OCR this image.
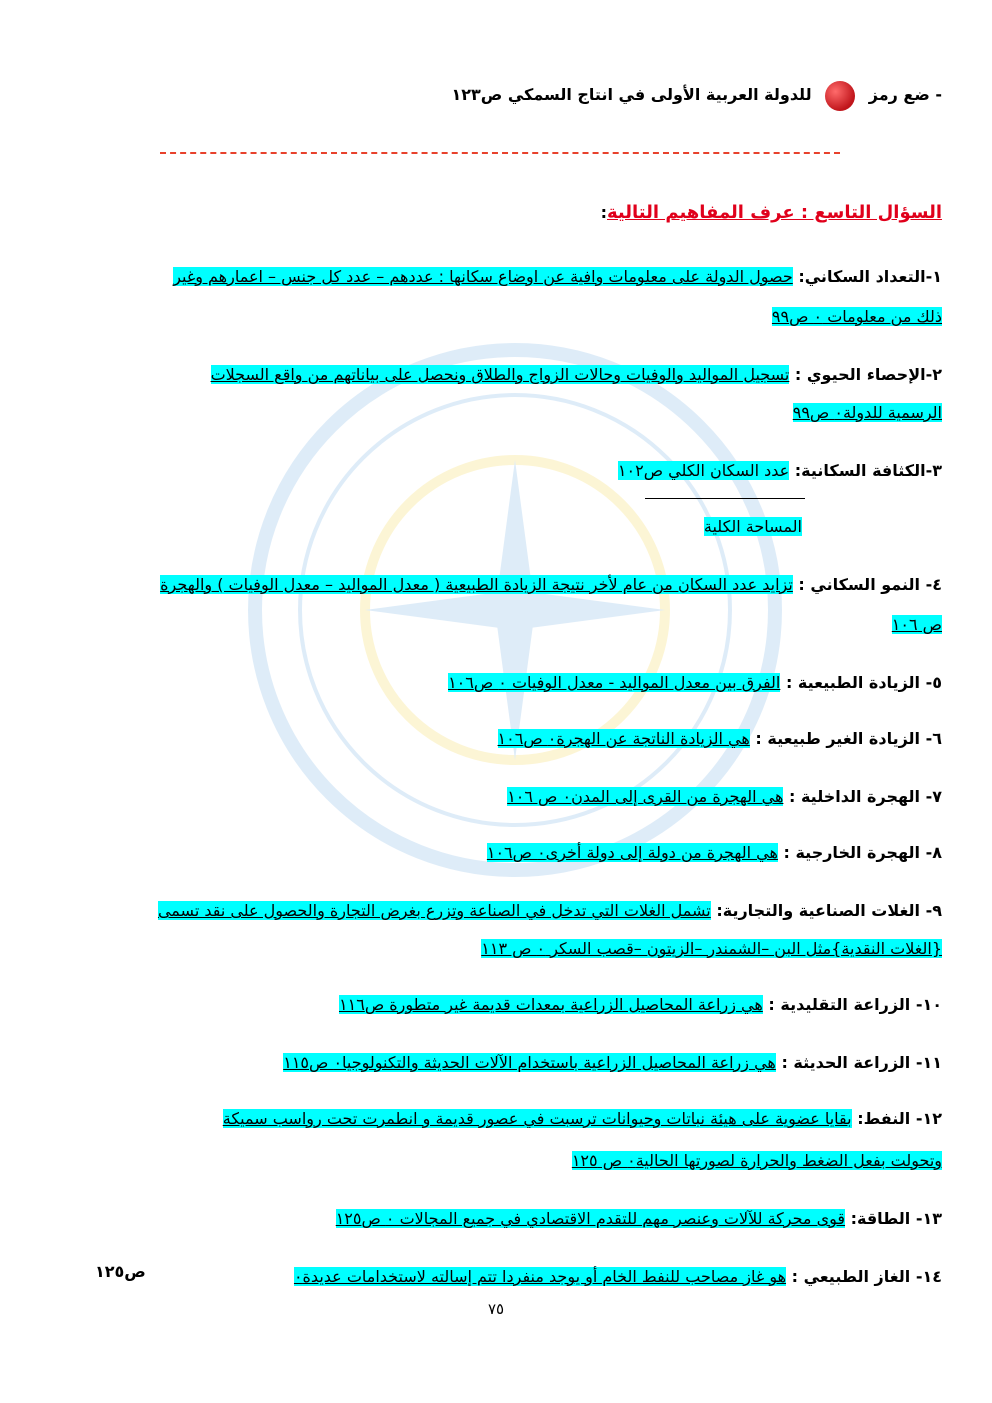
- ضع رمز  للدولة العربية الأولى في انتاج السمكي ص١٢٣
السؤال التاسع : عرف المفاهيم التالية:
١-التعداد السكاني: حصول الدولة على معلومات وافية عن اوضاع سكانها : عددهم – عدد كل جنس – اعمارهم وغير
ذلك من معلومات ٠ ص٩٩
٢-الإحصاء الحيوي : تسجيل المواليد والوفيات وحالات الزواج والطلاق ونحصل على بياناتهم من واقع السجلات
الرسمية للدولة٠ ص٩٩
٣-الكثافة السكانية: عدد السكان الكلي ص١٠٢
المساحة الكلية
٤- النمو السكاني : تزايد عدد السكان من عام لأخر نتيجة الزيادة الطبيعية ( معدل المواليد – معدل الوفيات ) والهجرة
ص ١٠٦
٥- الزيادة الطبيعية : الفرق بين معدل المواليد - معدل الوفيات ٠ ص١٠٦
٦- الزيادة الغير طبيعية : هي الزيادة الناتجة عن الهجرة٠ ص١٠٦
٧- الهجرة الداخلية : هي الهجرة من القرى إلى المدن٠ ص ١٠٦
٨- الهجرة الخارجية : هي الهجرة من دولة إلى دولة أخرى٠ ص١٠٦
٩- الغلات الصناعية والتجارية: تشمل الغلات التي تدخل في الصناعة وتزرع بغرض التجارة والحصول على نقد تسمى
{الغلات النقدية}مثل البن –الشمندر –الزيتون –قصب السكر ٠ ص ١١٣
١٠- الزراعة التقليدية : هي زراعة المحاصيل الزراعية بمعدات قديمة غير متطورة ص١١٦
١١- الزراعة الحديثة : هي زراعة المحاصيل الزراعية باستخدام الآلات الحديثة والتكنولوجيا٠ ص١١٥
١٢- النفط: بقايا عضوية على هيئة نباتات وحيوانات ترسبت في عصور قديمة و انطمرت تحت رواسب سميكة
وتحولت بفعل الضغط والحرارة لصورتها الحالية٠ ص ١٢٥
١٣- الطاقة: قوى محركة للآلات وعنصر مهم للتقدم الاقتصادي في جميع المجالات ٠ ص١٢٥
١٤- الغاز الطبيعي : هو غاز مصاحب للنفط الخام أو يوجد منفردا تتم إسالته لاستخدامات عديدة٠
ص١٢٥
٧٥
